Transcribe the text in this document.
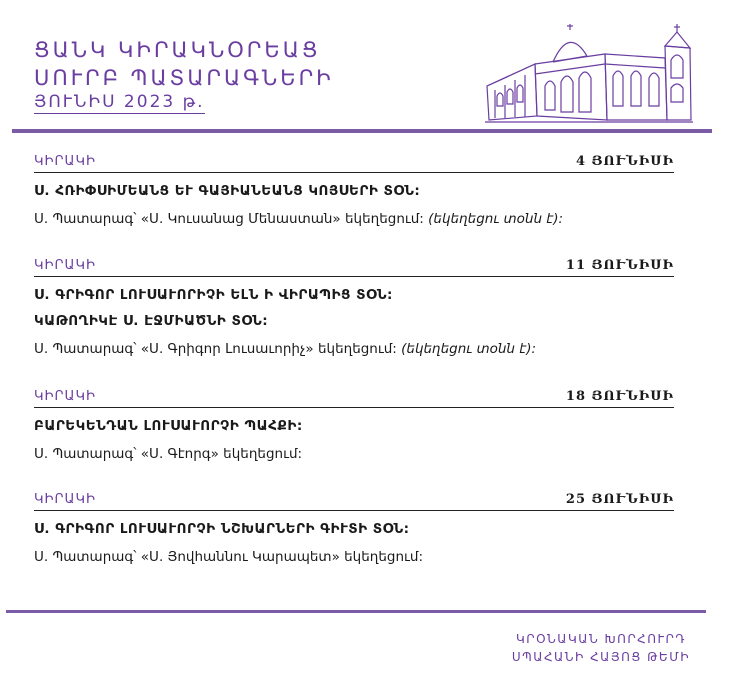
ՑԱՆԿ ԿԻՐԱԿՆՕՐԵԱՑ
ՍՈՒՐԲ ՊԱՏԱՐԱԳՆԵՐԻ
ՅՈՒՆԻՍ 2023 թ.
ԿԻՐԱԿԻ	4 ՅՈՒՆԻՍԻ
Ս. ՀՌԻՓՍԻՄԵԱՆՑ ԵՒ ԳԱՅԻԱՆԵԱՆՑ ԿՈՅՍԵՐԻ ՏՕՆ:
Ս. Պատարագ՝ «Ս. Կուսանաց Մենաստան» եկեղեցում: (եկեղեցու տօնն է):
ԿԻՐԱԿԻ	11 ՅՈՒՆԻՍԻ
Ս. ԳՐԻԳՈՐ ԼՈՒՍԱՒՈՐԻՉԻ ԵԼՆ Ի ՎԻՐԱՊԻՑ ՏՕՆ:
ԿԱԹՈՂԻԿԷ Ս. ԷՋՄԻԱԾՆԻ ՏՕՆ:
Ս. Պատարագ՝ «Ս. Գրիգոր Լուսաւորիչ» եկեղեցում: (եկեղեցու տօնն է):
ԿԻՐԱԿԻ	18 ՅՈՒՆԻՍԻ
ԲԱՐԵԿԵՆԴԱՆ ԼՈՒՍԱՒՈՐՉԻ ՊԱՀՔԻ:
Ս. Պատարագ՝ «Ս. Գէորգ» եկեղեցում:
ԿԻՐԱԿԻ	25 ՅՈՒՆԻՍԻ
Ս. ԳՐԻԳՈՐ ԼՈՒՍԱՒՈՐՉԻ ՆՇԽԱՐՆԵՐԻ ԳԻՒՏԻ ՏՕՆ:
Ս. Պատարագ՝ «Ս. Յովհաննու Կարապետ» եկեղեցում:
ԿՐՕՆԱԿԱՆ ԽՈՐՀՈՒՐԴ
ՍՊԱՀԱՆԻ ՀԱՅՈՑ ԹԵՄԻ
